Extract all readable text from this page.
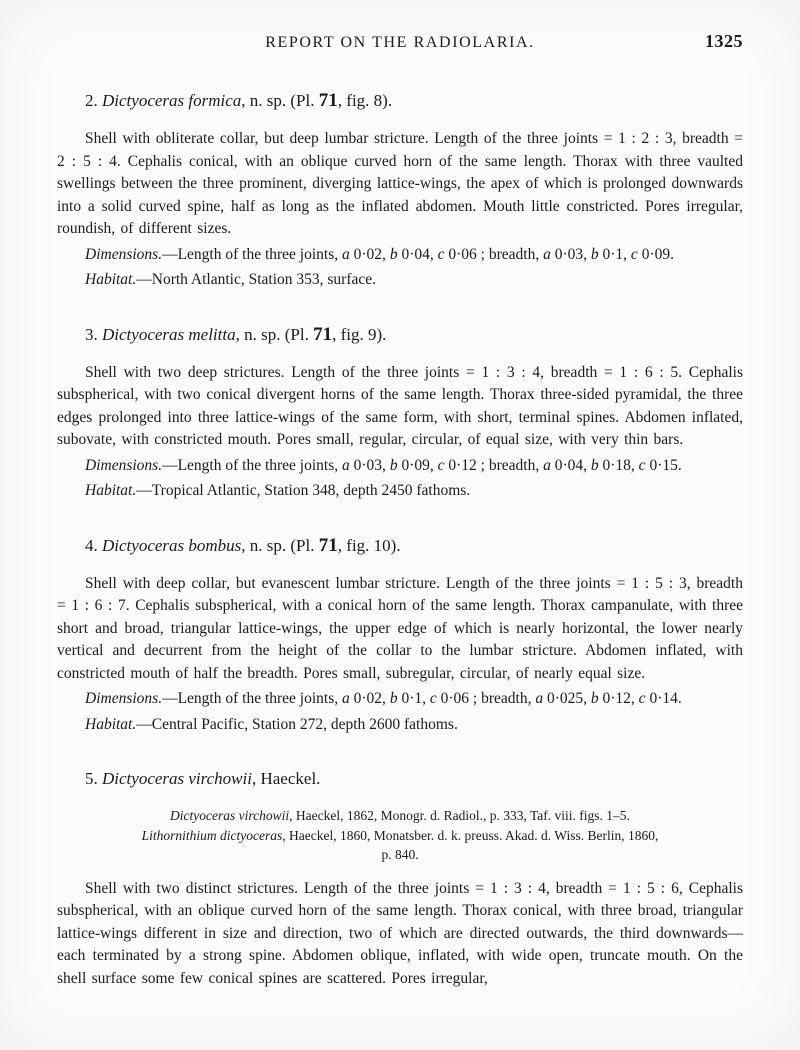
REPORT ON THE RADIOLARIA.	1325
2. Dictyoceras formica, n. sp. (Pl. 71, fig. 8).

Shell with obliterate collar, but deep lumbar stricture. Length of the three joints = 1 : 2 : 3, breadth = 2 : 5 : 4. Cephalis conical, with an oblique curved horn of the same length. Thorax with three vaulted swellings between the three prominent, diverging lattice-wings, the apex of which is prolonged downwards into a solid curved spine, half as long as the inflated abdomen. Mouth little constricted. Pores irregular, roundish, of different sizes.

Dimensions.—Length of the three joints, a 0·02, b 0·04, c 0·06 ; breadth, a 0·03, b 0·1, c 0·09.

Habitat.—North Atlantic, Station 353, surface.

3. Dictyoceras melitta, n. sp. (Pl. 71, fig. 9).

Shell with two deep strictures. Length of the three joints = 1 : 3 : 4, breadth = 1 : 6 : 5. Cephalis subspherical, with two conical divergent horns of the same length. Thorax three-sided pyramidal, the three edges prolonged into three lattice-wings of the same form, with short, terminal spines. Abdomen inflated, subovate, with constricted mouth. Pores small, regular, circular, of equal size, with very thin bars.

Dimensions.—Length of the three joints, a 0·03, b 0·09, c 0·12 ; breadth, a 0·04, b 0·18, c 0·15.

Habitat.—Tropical Atlantic, Station 348, depth 2450 fathoms.

4. Dictyoceras bombus, n. sp. (Pl. 71, fig. 10).

Shell with deep collar, but evanescent lumbar stricture. Length of the three joints = 1 : 5 : 3, breadth = 1 : 6 : 7. Cephalis subspherical, with a conical horn of the same length. Thorax campanulate, with three short and broad, triangular lattice-wings, the upper edge of which is nearly horizontal, the lower nearly vertical and decurrent from the height of the collar to the lumbar stricture. Abdomen inflated, with constricted mouth of half the breadth. Pores small, subregular, circular, of nearly equal size.

Dimensions.—Length of the three joints, a 0·02, b 0·1, c 0·06 ; breadth, a 0·025, b 0·12, c 0·14.

Habitat.—Central Pacific, Station 272, depth 2600 fathoms.

5. Dictyoceras virchowii, Haeckel.
Dictyoceras virchowii, Haeckel, 1862, Monogr. d. Radiol., p. 333, Taf. viii. figs. 1–5.
Lithornithium dictyoceras, Haeckel, 1860, Monatsber. d. k. preuss. Akad. d. Wiss. Berlin, 1860,
p. 840.

Shell with two distinct strictures. Length of the three joints = 1 : 3 : 4, breadth = 1 : 5 : 6, Cephalis subspherical, with an oblique curved horn of the same length. Thorax conical, with three broad, triangular lattice-wings different in size and direction, two of which are directed outwards, the third downwards—each terminated by a strong spine. Abdomen oblique, inflated, with wide open, truncate mouth. On the shell surface some few conical spines are scattered. Pores irregular,
